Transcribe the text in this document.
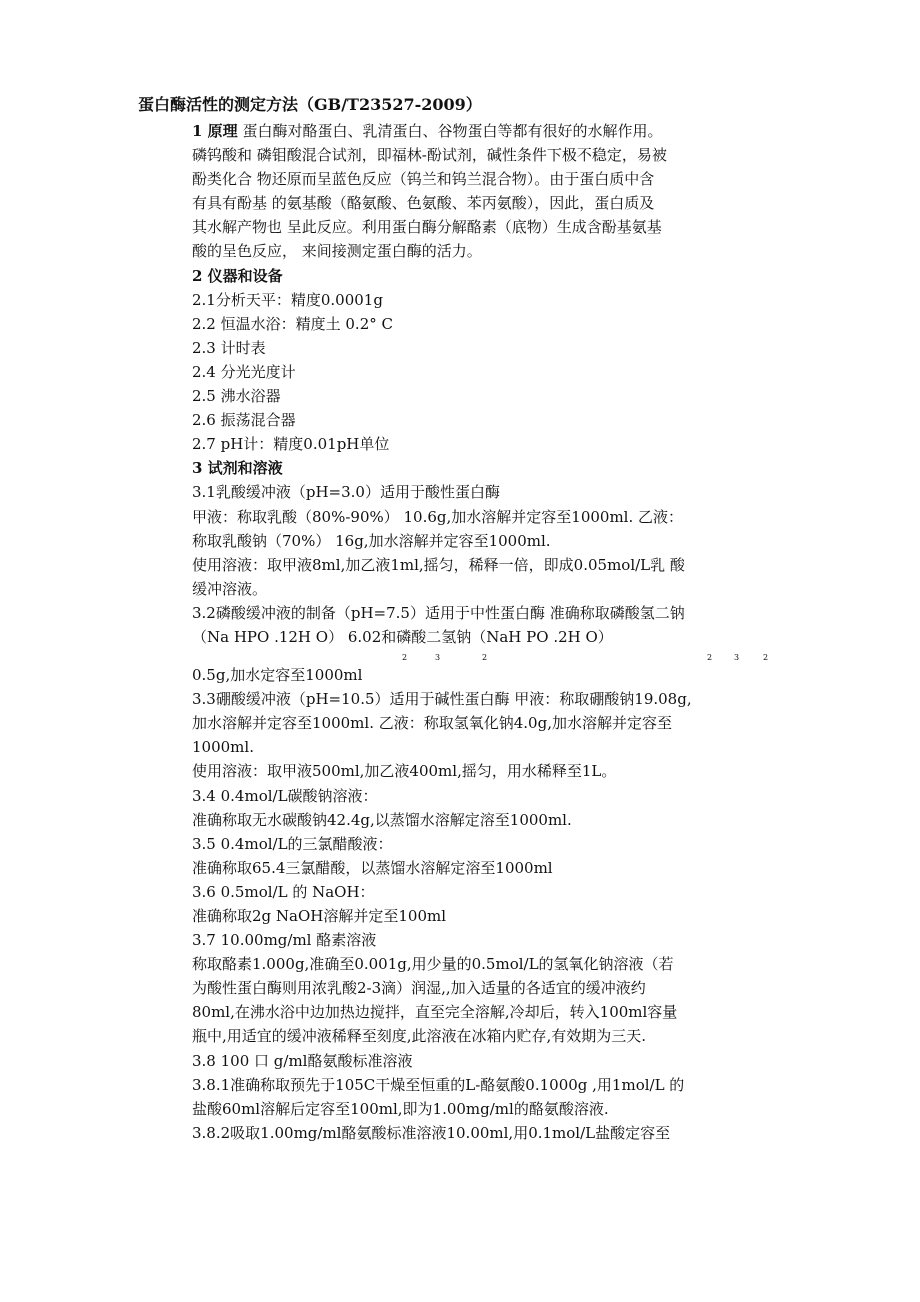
蛋白酶活性的测定方法（GB/T23527-2009）
1 原理 蛋白酶对酪蛋白、乳清蛋白、谷物蛋白等都有很好的水解作用。
磷钨酸和 磷钼酸混合试剂，即福林-酚试剂，碱性条件下极不稳定，易被
酚类化合 物还原而呈蓝色反应（钨兰和钨兰混合物）。由于蛋白质中含
有具有酚基 的氨基酸（酪氨酸、色氨酸、苯丙氨酸），因此，蛋白质及
其水解产物也 呈此反应。利用蛋白酶分解酪素（底物）生成含酚基氨基
酸的呈色反应， 来间接测定蛋白酶的活力。
2 仪器和设备
2.1分析天平：精度0.0001g
2.2 恒温水浴：精度土 0.2° C
2.3 计时表
2.4 分光光度计
2.5 沸水浴器
2.6 振荡混合器
2.7 pH计：精度0.01pH单位
3 试剂和溶液
3.1乳酸缓冲液（pH=3.0）适用于酸性蛋白酶
甲液：称取乳酸（80%-90%） 10.6g,加水溶解并定容至1000ml. 乙液：
称取乳酸钠（70%） 16g,加水溶解并定容至1000ml.
使用溶液：取甲液8ml,加乙液1ml,摇匀，稀释一倍，即成0.05mol/L乳 酸
缓冲溶液。
3.2磷酸缓冲液的制备（pH=7.5）适用于中性蛋白酶 准确称取磷酸氢二钠
（Na HPO .12H O） 6.02和磷酸二氢钠（NaH PO .2H O）
2	3	2	2	3	2
0.5g,加水定容至1000ml
3.3硼酸缓冲液（pH=10.5）适用于碱性蛋白酶 甲液：称取硼酸钠19.08g,
加水溶解并定容至1000ml. 乙液：称取氢氧化钠4.0g,加水溶解并定容至
1000ml.
使用溶液：取甲液500ml,加乙液400ml,摇匀，用水稀释至1L。
3.4 0.4mol/L碳酸钠溶液：
准确称取无水碳酸钠42.4g,以蒸馏水溶解定溶至1000ml.
3.5 0.4mol/L的三氯醋酸液：
准确称取65.4三氯醋酸，以蒸馏水溶解定溶至1000ml
3.6 0.5mol/L 的 NaOH：
准确称取2g NaOH溶解并定至100ml
3.7 10.00mg/ml 酪素溶液
称取酪素1.000g,准确至0.001g,用少量的0.5mol/L的氢氧化钠溶液（若
为酸性蛋白酶则用浓乳酸2-3滴）润湿,,加入适量的各适宜的缓冲液约
80ml,在沸水浴中边加热边搅拌，直至完全溶解,冷却后，转入100ml容量
瓶中,用适宜的缓冲液稀释至刻度,此溶液在冰箱内贮存,有效期为三天.
3.8 100 口 g/ml酪氨酸标准溶液
3.8.1准确称取预先于105C干燥至恒重的L-酪氨酸0.1000g ,用1mol/L 的
盐酸60ml溶解后定容至100ml,即为1.00mg/ml的酪氨酸溶液.
3.8.2吸取1.00mg/ml酪氨酸标准溶液10.00ml,用0.1mol/L盐酸定容至
